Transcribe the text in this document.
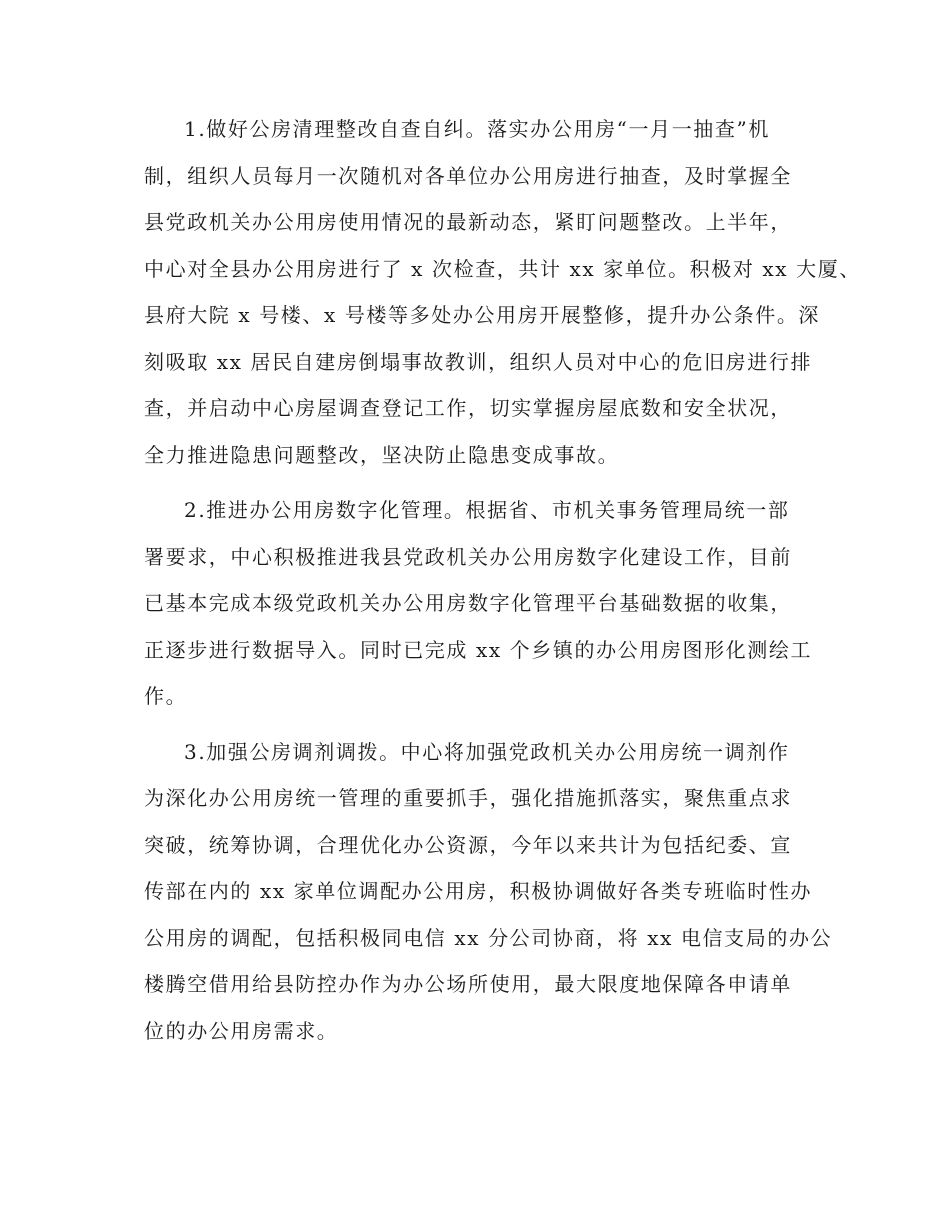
1.做好公房清理整改自查自纠。落实办公用房“一月一抽查”机
制，组织人员每月一次随机对各单位办公用房进行抽查，及时掌握全
县党政机关办公用房使用情况的最新动态，紧盯问题整改。上半年，
中心对全县办公用房进行了 x 次检查，共计 xx 家单位。积极对 xx 大厦、
县府大院 x 号楼、x 号楼等多处办公用房开展整修，提升办公条件。深
刻吸取 xx 居民自建房倒塌事故教训，组织人员对中心的危旧房进行排
查，并启动中心房屋调查登记工作，切实掌握房屋底数和安全状况，
全力推进隐患问题整改，坚决防止隐患变成事故。
2.推进办公用房数字化管理。根据省、市机关事务管理局统一部
署要求，中心积极推进我县党政机关办公用房数字化建设工作，目前
已基本完成本级党政机关办公用房数字化管理平台基础数据的收集，
正逐步进行数据导入。同时已完成 xx 个乡镇的办公用房图形化测绘工
作。
3.加强公房调剂调拨。中心将加强党政机关办公用房统一调剂作
为深化办公用房统一管理的重要抓手，强化措施抓落实，聚焦重点求
突破，统筹协调，合理优化办公资源，今年以来共计为包括纪委、宣
传部在内的 xx 家单位调配办公用房，积极协调做好各类专班临时性办
公用房的调配，包括积极同电信 xx 分公司协商，将 xx 电信支局的办公
楼腾空借用给县防控办作为办公场所使用，最大限度地保障各申请单
位的办公用房需求。
